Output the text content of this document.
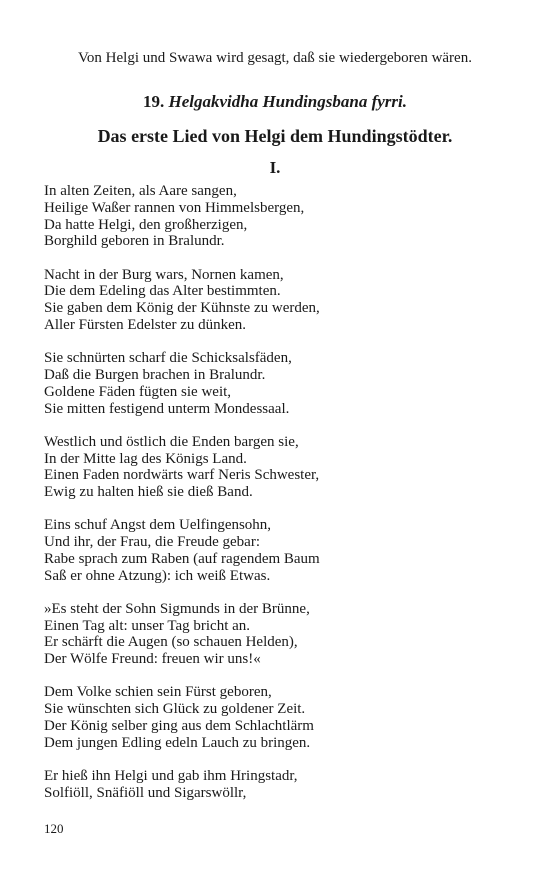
Von Helgi und Swawa wird gesagt, daß sie wiedergeboren wären.
19. Helgakvidha Hundingsbana fyrri.
Das erste Lied von Helgi dem Hundingstödter.
I.
In alten Zeiten, als Aare sangen,
Heilige Waßer rannen von Himmelsbergen,
Da hatte Helgi, den großherzigen,
Borghild geboren in Bralundr.
Nacht in der Burg wars, Nornen kamen,
Die dem Edeling das Alter bestimmten.
Sie gaben dem König der Kühnste zu werden,
Aller Fürsten Edelster zu dünken.
Sie schnürten scharf die Schicksalsfäden,
Daß die Burgen brachen in Bralundr.
Goldene Fäden fügten sie weit,
Sie mitten festigend unterm Mondessaal.
Westlich und östlich die Enden bargen sie,
In der Mitte lag des Königs Land.
Einen Faden nordwärts warf Neris Schwester,
Ewig zu halten hieß sie dieß Band.
Eins schuf Angst dem Uelfingensohn,
Und ihr, der Frau, die Freude gebar:
Rabe sprach zum Raben (auf ragendem Baum
Saß er ohne Atzung): ich weiß Etwas.
»Es steht der Sohn Sigmunds in der Brünne,
Einen Tag alt: unser Tag bricht an.
Er schärft die Augen (so schauen Helden),
Der Wölfe Freund: freuen wir uns!«
Dem Volke schien sein Fürst geboren,
Sie wünschten sich Glück zu goldener Zeit.
Der König selber ging aus dem Schlachtlärm
Dem jungen Edling edeln Lauch zu bringen.
Er hieß ihn Helgi und gab ihm Hringstadr,
Solfiöll, Snäfiöll und Sigarswöllr,
120
